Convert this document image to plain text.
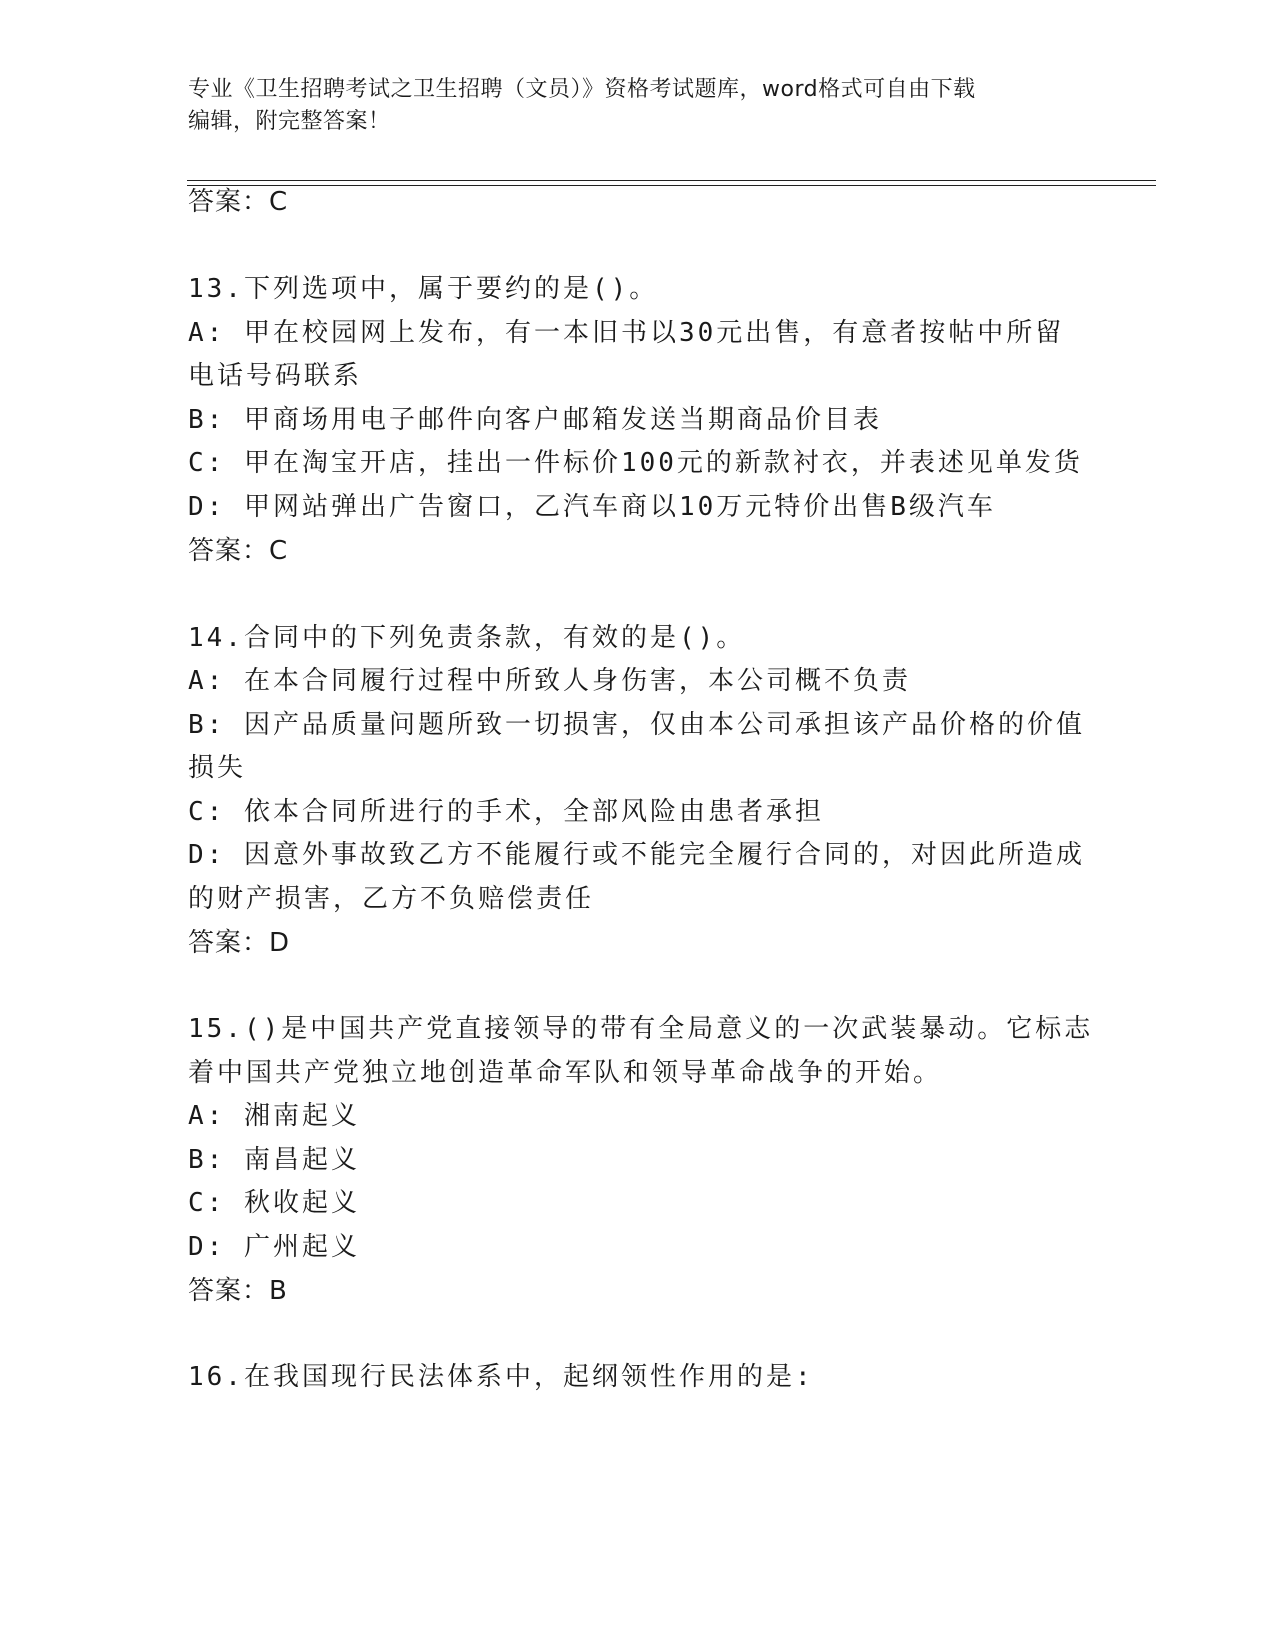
专业《卫生招聘考试之卫生招聘（文员）》资格考试题库，word格式可自由下载
编辑，附完整答案！
答案：C
13.下列选项中，属于要约的是()。
A: 甲在校园网上发布，有一本旧书以30元出售，有意者按帖中所留
电话号码联系
B: 甲商场用电子邮件向客户邮箱发送当期商品价目表
C: 甲在淘宝开店，挂出一件标价100元的新款衬衣，并表述见单发货
D: 甲网站弹出广告窗口，乙汽车商以10万元特价出售B级汽车
答案：C
14.合同中的下列免责条款，有效的是()。
A: 在本合同履行过程中所致人身伤害，本公司概不负责
B: 因产品质量问题所致一切损害，仅由本公司承担该产品价格的价值
损失
C: 依本合同所进行的手术，全部风险由患者承担
D: 因意外事故致乙方不能履行或不能完全履行合同的，对因此所造成
的财产损害，乙方不负赔偿责任
答案：D
15.()是中国共产党直接领导的带有全局意义的一次武装暴动。它标志
着中国共产党独立地创造革命军队和领导革命战争的开始。
A: 湘南起义
B: 南昌起义
C: 秋收起义
D: 广州起义
答案：B
16.在我国现行民法体系中，起纲领性作用的是:
